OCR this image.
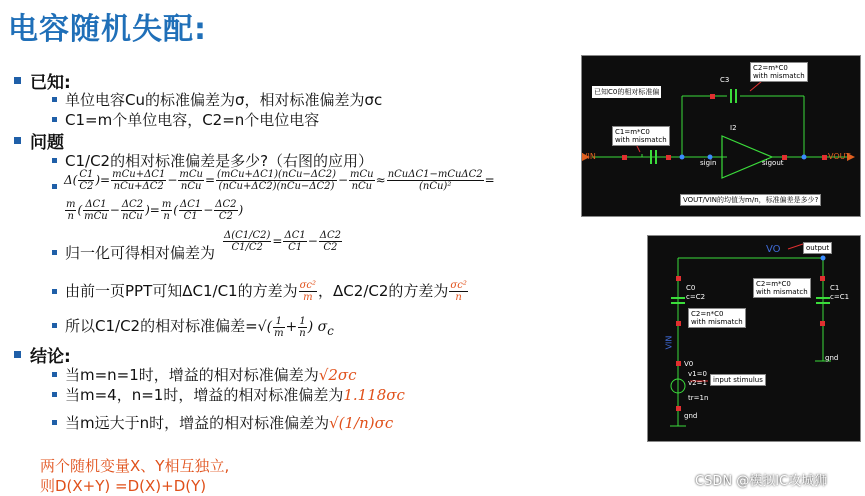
电容随机失配:
已知:
单位电容Cu的标准偏差为σ，相对标准偏差为σc
C1=m个单位电容，C2=n个电位电容
问题
C1/C2的相对标准偏差是多少?（右图的应用）
$\Delta( \frac{C1}{C2}$ )= $\frac{\text{mCu+ΔC1}}{\text{nCu+ΔC2}} - \frac{\text{mCu}}{\text{nCu}} = \frac{\text{(mCu+ΔC1)(nCu−ΔC2)}}{\text{(nCu+ΔC2)(nCu−ΔC2)}} - \frac{\text{mCu}}{\text{nCu}} \approx \frac{\text{nCuΔC1−mCuΔC2}}{\text{(nCu)²}}$ =
$\frac{m}{n}$ ( $\frac{\Delta C1}{\text{mCu}} - \frac{\Delta C2}{\text{nCu}}$ )= $\frac{m}{n}$ ( $\frac{\Delta C1}{C1} - \frac{\Delta C2}{C2}$ )
归一化可得相对偏差为 $\frac{\Delta(C1/C2)}{C1/C2} = \frac{\Delta C1}{C1} - \frac{\Delta C2}{C2}$
由前一页PPT可知ΔC1/C1的方差为 $\frac{\text{σc²}}{m}$ ，ΔC2/C2的方差为 $\frac{\text{σc²}}{n}$
所以C1/C2的相对标准偏差=√( $\frac{1}{m} + \frac{1}{n}$ ) $\sigma_c$
结论:
当m=n=1时，增益的相对标准偏差为√2σc
当m=4，n=1时，增益的相对标准偏差为1.118σc
当m远大于n时，增益的相对标准偏差为√(1/n)σc
两个随机变量X、Y相互独立,
则D(X+Y) =D(X)+D(Y)
已知C0的相对标准偏
C2=m*C0
with mismatch
C1=m*C0
with mismatch
VIN	VOUT
sigin	sigout
I2
C3
VOUT/VIN的均值为m/n，标准偏差是多少?
VO	output
C0
c=C2
C1
c=C1
C2=n*C0
with mismatch
C2=m*C0
with mismatch
VIN
V0
v1=0
v2=1
tr=1n
input stimulus
gnd
gnd
CSDN @模拟IC攻城狮
